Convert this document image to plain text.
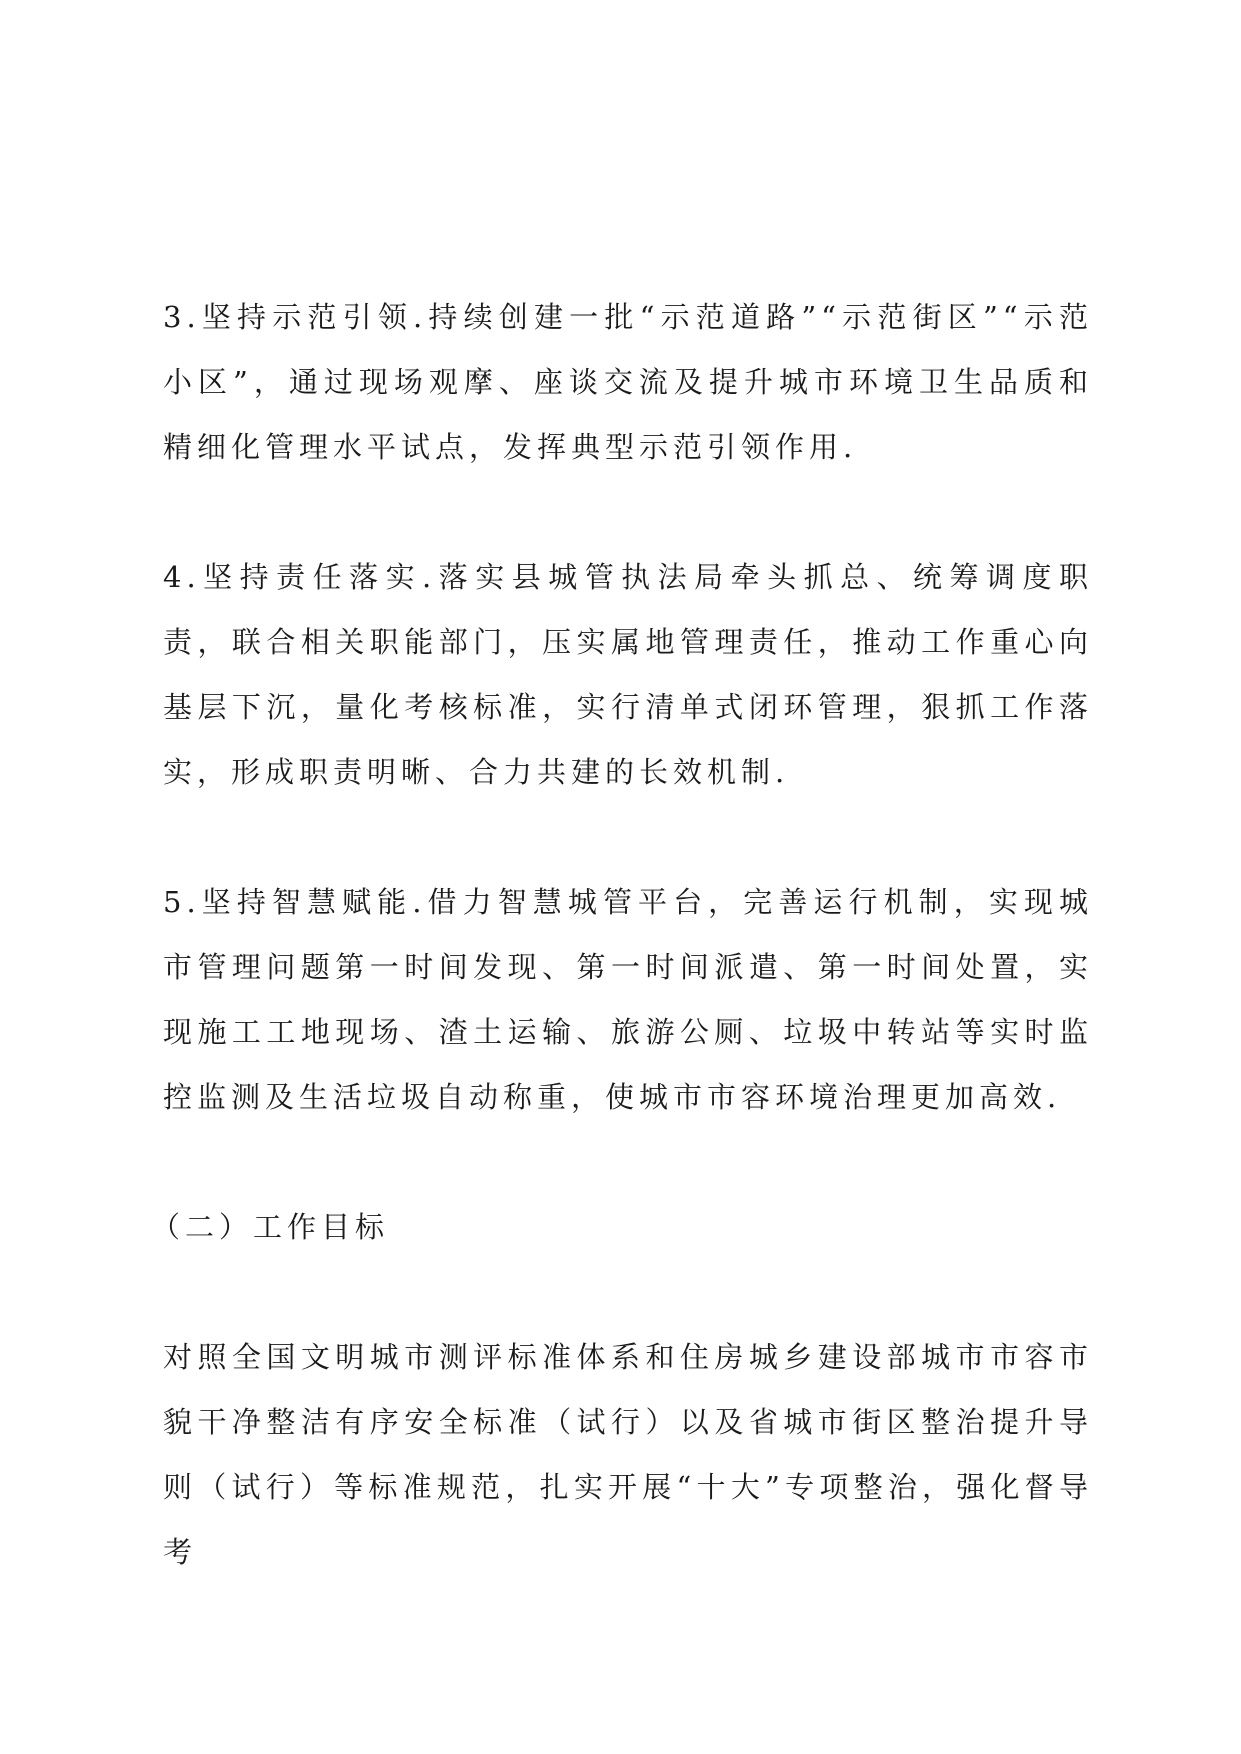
3.坚持示范引领.持续创建一批“示范道路”“示范街区”“示范小区”，通过现场观摩、座谈交流及提升城市环境卫生品质和精细化管理水平试点，发挥典型示范引领作用.

4.坚持责任落实.落实县城管执法局牵头抓总、统筹调度职责，联合相关职能部门，压实属地管理责任，推动工作重心向基层下沉，量化考核标准，实行清单式闭环管理，狠抓工作落实，形成职责明晰、合力共建的长效机制.

5.坚持智慧赋能.借力智慧城管平台，完善运行机制，实现城市管理问题第一时间发现、第一时间派遣、第一时间处置，实现施工工地现场、渣土运输、旅游公厕、垃圾中转站等实时监控监测及生活垃圾自动称重，使城市市容环境治理更加高效.

（二）工作目标

对照全国文明城市测评标准体系和住房城乡建设部城市市容市貌干净整洁有序安全标准（试行）以及省城市街区整治提升导则（试行）等标准规范，扎实开展“十大”专项整治，强化督导考
